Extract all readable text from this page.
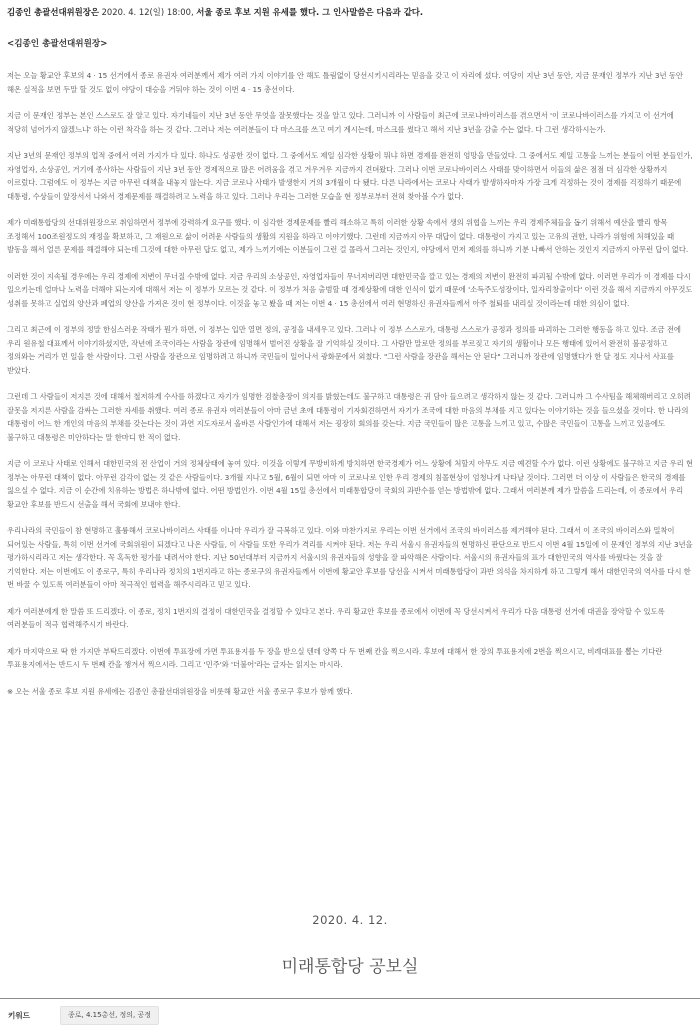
김종인 총괄선대위원장은 2020. 4. 12(일) 18:00, 서울 종로 후보 지원 유세를 했다. 그 인사말씀은 다음과 같다.

<김종인 총괄선대위원장>

저는 오늘 황교안 후보의 4 · 15 선거에서 종로 유권자 여러분께서 제가 여러 가지 이야기를 안 해도 틀림없이 당선시키시리라는 믿음을 갖고 이 자리에 섰다. 여당이 지난 3년 동안, 지금 문재인 정부가 지난 3년 동안 해온 실적을 보면 두말 할 것도 없이 야당이 대승을 거둬야 하는 것이 이번 4 · 15 총선이다.

지금 이 문재인 정부는 본인 스스로도 잘 알고 있다. 자기네들이 지난 3년 동안 무엇을 잘못했다는 것을 알고 있다. 그러니까 이 사람들이 최근에 코로나바이러스를 겪으면서 '이 코로나바이러스를 가지고 이 선거에 적당히 넘어가지 않겠느냐' 하는 이런 착각을 하는 것 같다. 그러나 저는 여러분들이 다 마스크를 쓰고 여기 계시는데, 마스크를 썼다고 해서 지난 3년을 감출 수는 없다. 다 그런 생각하시는가.

지난 3년의 문재인 정부의 업적 중에서 여러 가지가 다 있다. 하나도 성공한 것이 없다. 그 중에서도 제일 심각한 상황이 뭐냐 하면 경제를 완전히 엉망을 만들었다. 그 중에서도 제일 고통을 느끼는 분들이 어떤 분들인가, 자영업자, 소상공인, 거기에 종사하는 사람들이 지난 3년 동안 경제적으로 많은 어려움을 겪고 겨우겨우 지금까지 견뎌왔다. 그러나 이번 코로나바이러스 사태를 맞이하면서 이들의 삶은 점점 더 심각한 상황까지 이르렀다. 그럼에도 이 정부는 지금 아무런 대책을 내놓지 않는다. 지금 코로나 사태가 발생한지 거의 3개월이 다 됐다. 다른 나라에서는 코로나 사태가 발생하자마자 가장 크게 걱정하는 것이 경제를 걱정하기 때문에 대통령, 수상들이 앞장서서 나와서 경제문제를 해결하려고 노력을 하고 있다. 그러나 우리는 그러한 모습을 현 정부로부터 전혀 찾아볼 수가 없다.

제가 미래통합당의 선대위원장으로 취임하면서 정부에 강력하게 요구를 했다. 이 심각한 경제문제를 빨리 해소하고 특히 이러한 상황 속에서 생의 위협을 느끼는 우리 경제주체들을 돕기 위해서 예산을 빨리 항목 조정해서 100조원정도의 재정을 확보하고, 그 재원으로 삶이 어려운 사람들의 생활의 지원을 하라고 이야기했다. 그런데 지금까지 아무 대답이 없다. 대통령이 가지고 있는 고유의 권한, 나라가 위험에 처해있을 때 발동을 해서 얼른 문제를 해결해야 되는데 그것에 대한 아무런 답도 없고, 제가 느끼기에는 이분들이 그런 걸 몰라서 그러는 것인지, 야당에서 먼저 제의를 하니까 기분 나빠서 안하는 것인지 지금까지 아무런 답이 없다.

이러한 것이 지속될 경우에는 우리 경제에 저변이 무너질 수밖에 없다. 지금 우리의 소상공인, 자영업자들이 무너져버리면 대한민국을 깔고 있는 경제의 저변이 완전히 파괴될 수밖에 없다. 이러면 우리가 이 경제를 다시 일으키는데 얼마나 노력을 더해야 되는지에 대해서 저는 이 정부가 모르는 것 같다. 이 정부가 처음 출범할 때 경제상황에 대한 인식이 없기 때문에 '소득주도성장이다, 일자리창출이다' 이런 것을 해서 지금까지 아무것도 성취를 못하고 실업의 양산과 폐업의 양산을 가져온 것이 현 정부이다. 이것을 놓고 봤을 때 저는 이번 4 · 15 총선에서 여러 현명하신 유권자들께서 아주 철퇴를 내리실 것이라는데 대한 의심이 없다.

그리고 최근에 이 정부의 정말 한심스러운 작태가 뭔가 하면, 이 정부는 입만 열면 정의, 공정을 내세우고 있다. 그러나 이 정부 스스로가, 대통령 스스로가 공정과 정의를 파괴하는 그러한 행동을 하고 있다. 조금 전에 우리 원유철 대표께서 이야기하셨지만, 작년에 조국이라는 사람을 장관에 임명해서 벌어진 상황을 잘 기억하실 것이다. 그 사람만 말로만 정의를 부르짖고 자기의 생활이나 모든 행태에 있어서 완전히 불공정하고 정의와는 거리가 먼 일을 한 사람이다. 그런 사람을 장관으로 임명하려고 하니까 국민들이 일어나서 광화문에서 외쳤다. "그런 사람을 장관을 해서는 안 된다" 그러니까 장관에 임명했다가 한 달 정도 지나서 사표를 받았다.

그런데 그 사람들이 저지른 것에 대해서 철저하게 수사를 하겠다고 자기가 임명한 검찰총장이 의지를 밝혔는데도 불구하고 대통령은 귀 담아 들으려고 생각하지 않는 것 같다. 그러니까 그 수사팀을 해체해버리고 오히려 잘못을 저지른 사람을 감싸는 그러한 자세를 취했다. 여러 종로 유권자 여러분들이 아마 금년 초에 대통령이 기자회견하면서 자기가 조국에 대한 마음의 부채를 지고 있다는 이야기하는 것을 들으셨을 것이다. 한 나라의 대통령이 어느 한 개인의 마음의 부채를 갖는다는 것이 과연 지도자로서 올바른 사람인가에 대해서 저는 굉장히 회의를 갖는다. 지금 국민들이 많은 고통을 느끼고 있고, 수많은 국민들이 고통을 느끼고 있음에도 불구하고 대통령은 미안하다는 말 한마디 한 적이 없다.

지금 이 코로나 사태로 인해서 대한민국의 전 산업이 거의 정체상태에 놓여 있다. 이것을 이렇게 무방비하게 방치하면 한국경제가 어느 상황에 처할지 아무도 지금 예견할 수가 없다. 이런 상황에도 불구하고 지금 우리 현 정부는 아무런 대책이 없다. 아무런 감각이 없는 것 같은 사람들이다. 3개월 지나고 5월, 6월이 되면 아마 이 코로나로 인한 우리 경제의 침몰현상이 엄청나게 나타날 것이다. 그러면 더 이상 이 사람들은 한국의 경제를 잃으실 수 없다. 지금 이 순간에 치유하는 방법은 하나밖에 없다. 어떤 방법인가. 이번 4월 15일 총선에서 미래통합당이 국회의 과반수를 얻는 방법밖에 없다. 그래서 여러분께 제가 말씀을 드리는데, 이 종로에서 우리 황교안 후보를 반드시 선출을 해서 국회에 보내야 한다.

우리나라의 국민들이 참 현명하고 훌륭해서 코로나바이러스 사태를 이나마 우리가 잘 극복하고 있다. 이와 마찬가지로 우리는 이번 선거에서 조국의 바이러스를 제거해야 된다. 그래서 이 조국의 바이러스와 밀착이 되어있는 사람들, 특히 이번 선거에 국회위원이 되겠다고 나온 사람들, 이 사람들 또한 우리가 격리를 시켜야 된다. 저는 우리 서울시 유권자들의 현명하신 판단으로 반드시 이번 4월 15일에 이 문재인 정부의 지난 3년을 평가하시리라고 저는 생각한다. 꼭 혹독한 평가를 내려서야 한다. 지난 50년대부터 지금까지 서울시의 유권자들의 성향을 잘 파악해온 사람이다. 서울시의 유권자들의 표가 대한민국의 역사를 바꿨다는 것을 잘 기억한다. 저는 이번에도 이 종로구, 특히 우리나라 정치의 1번지라고 하는 종로구의 유권자들께서 이번에 황교안 후보를 당선을 시켜서 미래통합당이 과반 의석을 차지하게 하고 그렇게 해서 대한민국의 역사를 다시 한 번 바꿀 수 있도록 여러분들이 아마 적극적인 협력을 해주시리라고 믿고 있다.

제가 여러분에게 한 말씀 또 드리겠다. 이 종로, 정치 1번지의 결정이 대한민국을 결정할 수 있다고 본다. 우리 황교안 후보를 종로에서 이번에 꼭 당선시켜서 우리가 다음 대통령 선거에 대권을 장악할 수 있도록 여러분들이 적극 협력해주시기 바란다.

제가 마지막으로 딱 한 가지만 부탁드리겠다. 이번에 투표장에 가면 투표용지를 두 장을 받으실 텐데 양쪽 다 두 번째 칸을 찍으시라. 후보에 대해서 한 장의 투표용지에 2번을 찍으시고, 비례대표를 뽑는 기다란 투표용지에서는 반드시 두 번째 칸을 챙겨서 찍으시라. 그리고 '민주'와 '더불어'라는 글자는 읽지는 마시라.

※ 오는 서울 종로 후보 지원 유세에는 김종인 총괄선대위원장을 비롯해 황교안 서울 종로구 후보가 함께 했다.

2020. 4. 12.
미래통합당 공보실
키워드	종로, 4.15총선, 정의, 공정
